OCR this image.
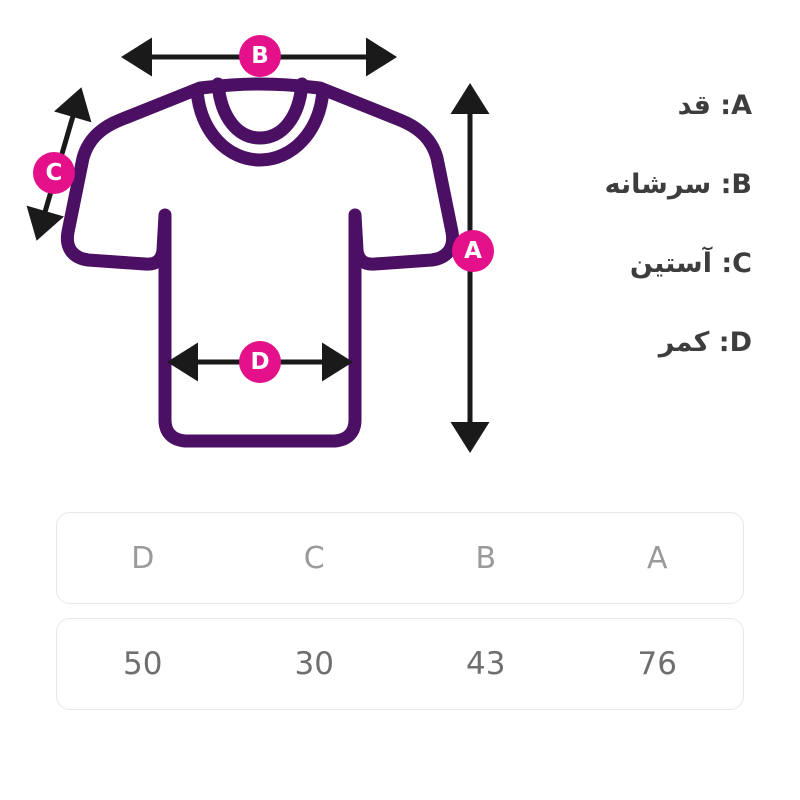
B
A
C
D
A: قد
B: سرشانه
C: آستین
D: کمر
D	C	B	A
50	30	43	76
